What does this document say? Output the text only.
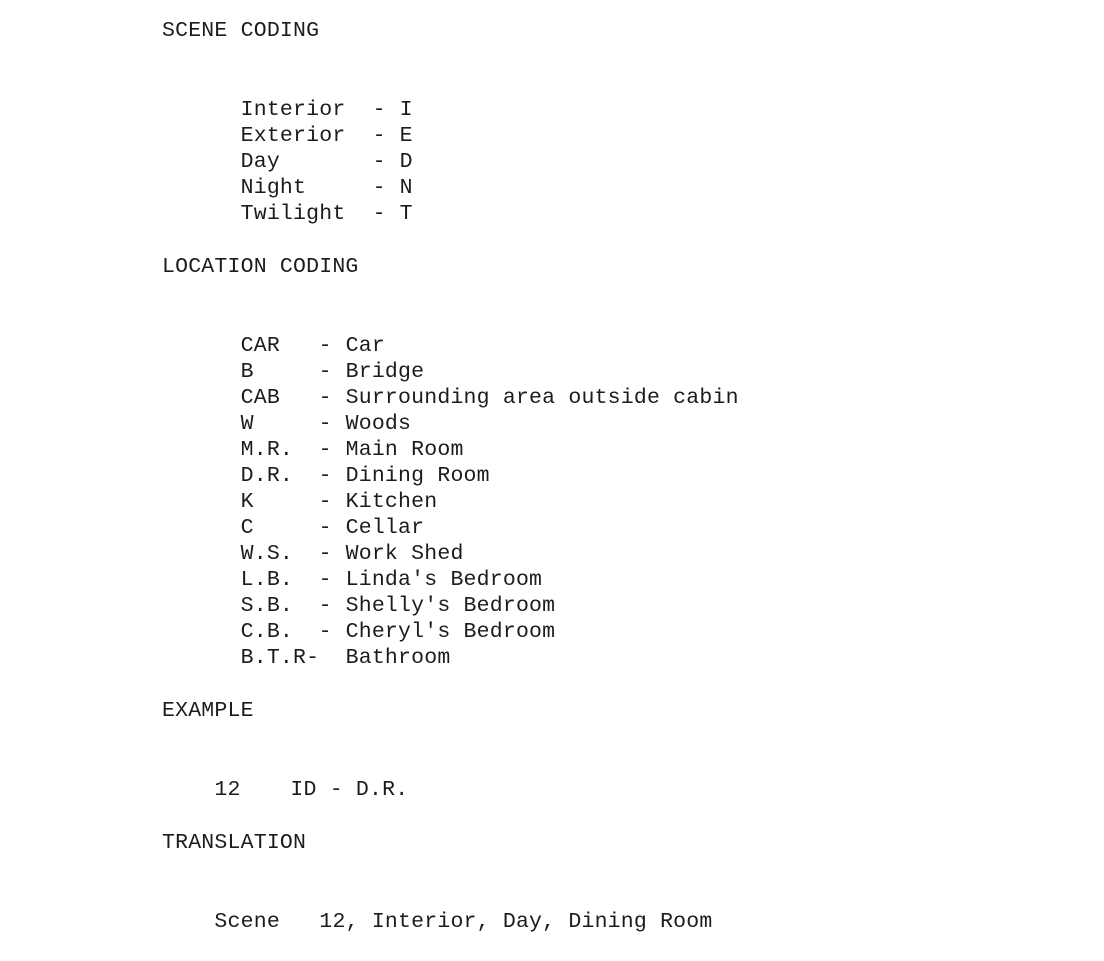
SCENE CODING

Interior - I

Exterior - E

Day	- D

Night	- N

Twilight - T

LOCATION CODING

CAR - Car

B	- Bridge

CAB - Surrounding area outside cabin

W	- Woods

M.R. - Main Room

D.R. - Dining Room

K	- Kitchen

C	- Cellar

W.S. - Work Shed

L.B. - Linda's Bedroom

S.B. - Shelly's Bedroom

C.B. - Cheryl's Bedroom

B.T.R- Bathroom

EXAMPLE

12 ID - D.R.

TRANSLATION

Scene 12, Interior, Day, Dining Room
